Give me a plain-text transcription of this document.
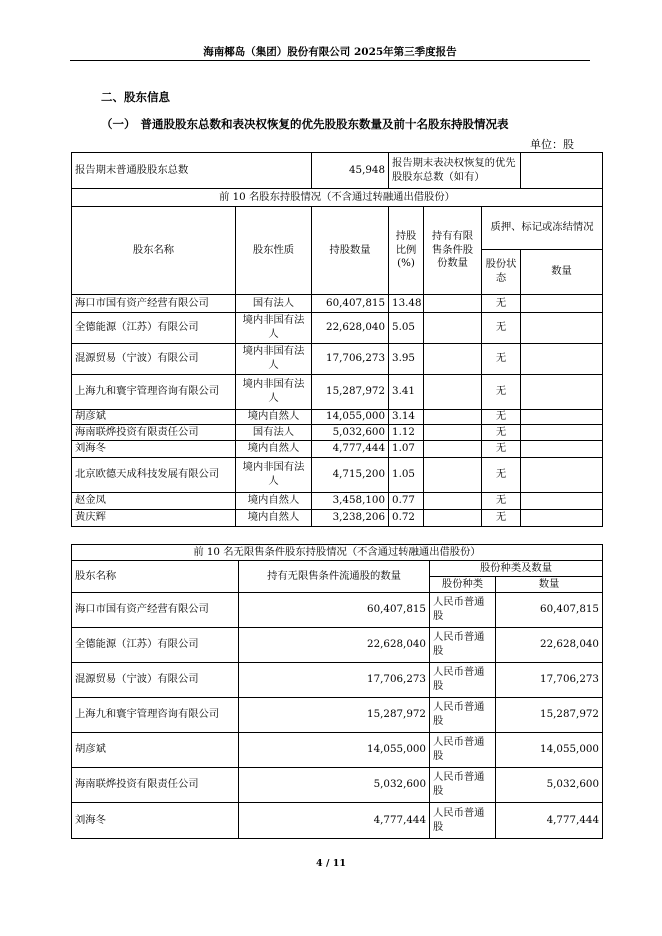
海南椰岛（集团）股份有限公司 2025年第三季度报告
二、股东信息
（一） 普通股股东总数和表决权恢复的优先股股东数量及前十名股东持股情况表
单位：股
报告期末普通股股东总数		45,948	报告期末表决权恢复的优先股股东总数（如有）			
前 10 名股东持股情况（不含通过转融通出借股份）						
股东名称	股东性质	持股数量	持股比例(%)	持有有限售条件股份数量	质押、标记或冻结情况	
					股份状态	数量
海口市国有资产经营有限公司	国有法人	60,407,815	13.48		无	
全德能源（江苏）有限公司	境内非国有法人	22,628,040	5.05		无	
混源贸易（宁波）有限公司	境内非国有法人	17,706,273	3.95		无	
上海九和寰宇管理咨询有限公司	境内非国有法人	15,287,972	3.41		无	
胡彦斌	境内自然人	14,055,000	3.14		无	
海南联烨投资有限责任公司	国有法人	5,032,600	1.12		无	
刘海冬	境内自然人	4,777,444	1.07		无	
北京欧德天成科技发展有限公司	境内非国有法人	4,715,200	1.05		无	
赵金凤	境内自然人	3,458,100	0.77		无	
黄庆辉	境内自然人	3,238,206	0.72		无	
前 10 名无限售条件股东持股情况（不含通过转融通出借股份）			
股东名称	持有无限售条件流通股的数量	股份种类及数量	
		股份种类	数量
海口市国有资产经营有限公司	60,407,815	人民币普通股	60,407,815
全德能源（江苏）有限公司	22,628,040	人民币普通股	22,628,040
混源贸易（宁波）有限公司	17,706,273	人民币普通股	17,706,273
上海九和寰宇管理咨询有限公司	15,287,972	人民币普通股	15,287,972
胡彦斌	14,055,000	人民币普通股	14,055,000
海南联烨投资有限责任公司	5,032,600	人民币普通股	5,032,600
刘海冬	4,777,444	人民币普通股	4,777,444
4 / 11
